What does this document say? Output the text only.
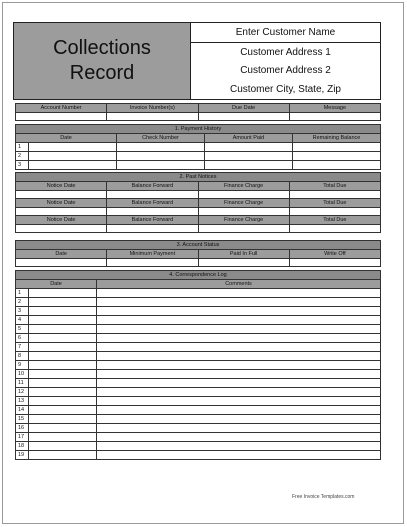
Collections
Record
Enter Customer Name
Customer Address 1
Customer Address 2
Customer City, State, Zip
Account Number	Invoice Number(s)	Due Date	Message

1. Payment History				
Date		Check Number	Amount Paid	Remaining Balance
1				
2				
3				
2. Past Notices			
Notice Date	Balance Forward	Finance Charge	Total Due

Notice Date	Balance Forward	Finance Charge	Total Due

Notice Date	Balance Forward	Finance Charge	Total Due

3. Account Status			
Date	Minimum Payment	Paid In Full	Write Off

4. Correspondence Log		
Date		Comments
1		
2		
3		
4		
5		
6		
7		
8		
9		
10		
11		
12		
13		
14		
15		
16		
17		
18		
19		
Free Invoice Templates.com
